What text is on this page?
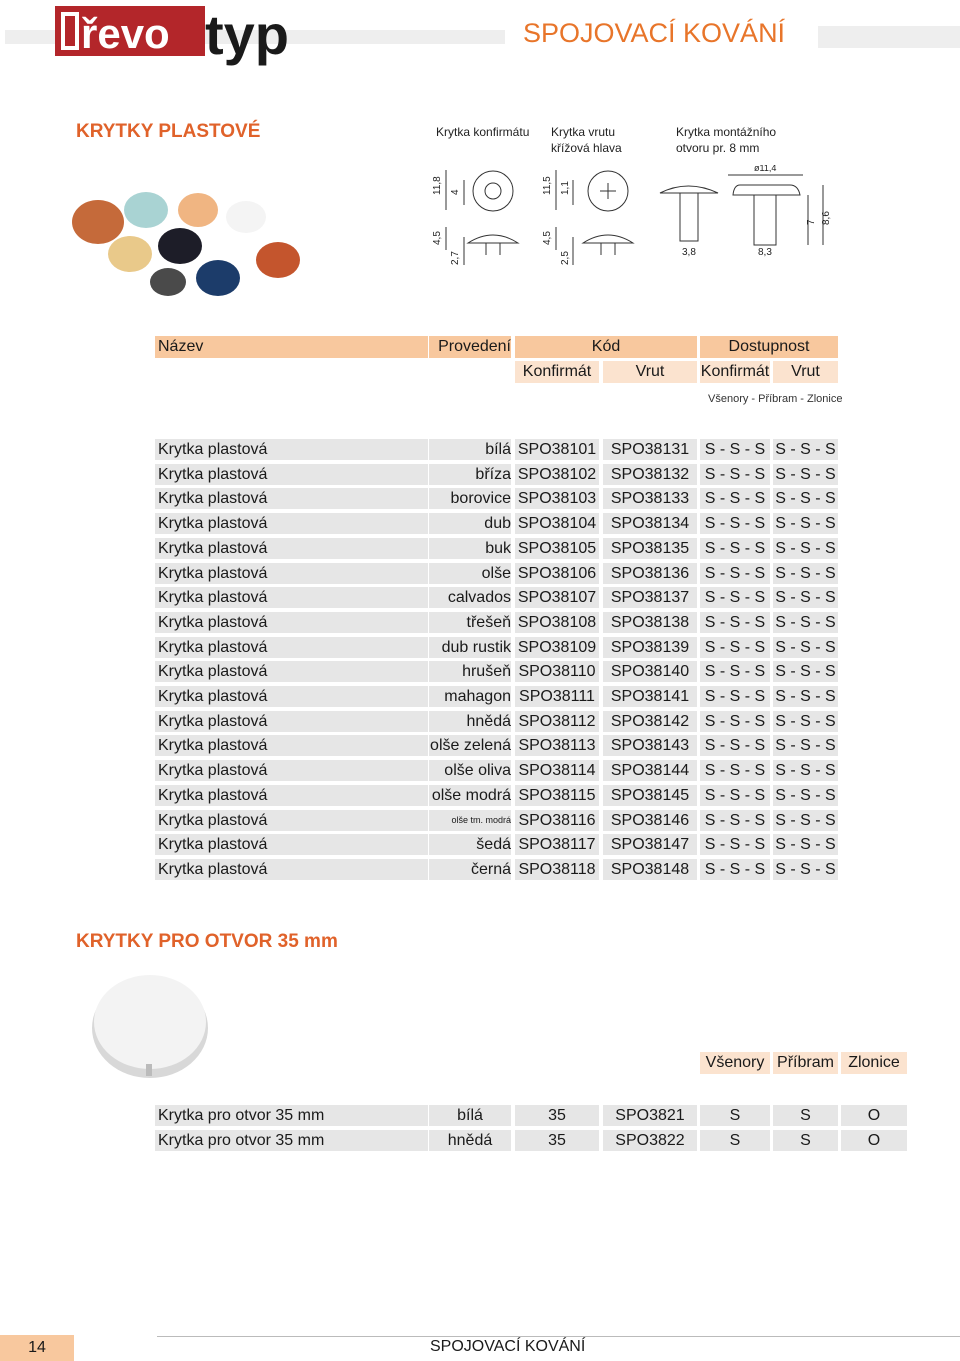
řevo typ	SPOJOVACÍ KOVÁNÍ
KRYTKY PLASTOVÉ	Krytka konfirmátu Krytka vrutu
křížová hlava
Krytka montážního
otvoru pr. 8 mm
11,8 4
4,5
2,7
11,5 1,1
4,5
2,5
ø11,4
7 8,6
3,8	8,3
Název	Provedení	Kód	Dostupnost
Konfirmát	Vrut	Konfirmát	Vrut
Všenory - Příbram - Zlonice
Krytka plastová	bílá SPO38101 SPO38131 S - S - S S - S - S
Krytka plastová	bříza SPO38102 SPO38132 S - S - S S - S - S
Krytka plastová	borovice SPO38103 SPO38133 S - S - S S - S - S
Krytka plastová	dub SPO38104 SPO38134 S - S - S S - S - S
Krytka plastová	buk SPO38105 SPO38135 S - S - S S - S - S
Krytka plastová	olše SPO38106 SPO38136 S - S - S S - S - S
Krytka plastová	calvados SPO38107 SPO38137 S - S - S S - S - S
Krytka plastová	třešeň SPO38108 SPO38138 S - S - S S - S - S
Krytka plastová	dub rustik SPO38109 SPO38139 S - S - S S - S - S
Krytka plastová	hrušeň SPO38110 SPO38140 S - S - S S - S - S
Krytka plastová	mahagon SPO38111 SPO38141 S - S - S S - S - S
Krytka plastová	hnědá SPO38112 SPO38142 S - S - S S - S - S
Krytka plastová	olše zelená SPO38113 SPO38143 S - S - S S - S - S
Krytka plastová	olše oliva SPO38114 SPO38144 S - S - S S - S - S
Krytka plastová	olše modrá SPO38115 SPO38145 S - S - S S - S - S
Krytka plastová	olše tm. modrá SPO38116 SPO38146 S - S - S S - S - S
Krytka plastová	šedá SPO38117 SPO38147 S - S - S S - S - S
Krytka plastová	černá SPO38118 SPO38148 S - S - S S - S - S
KRYTKY PRO OTVOR 35 mm
Všenory Příbram Zlonice
Krytka pro otvor 35 mm	bílá	35	SPO3821	S	S	O
Krytka pro otvor 35 mm	hnědá	35	SPO3822	S	S	O
14	SPOJOVACÍ KOVÁNÍ
